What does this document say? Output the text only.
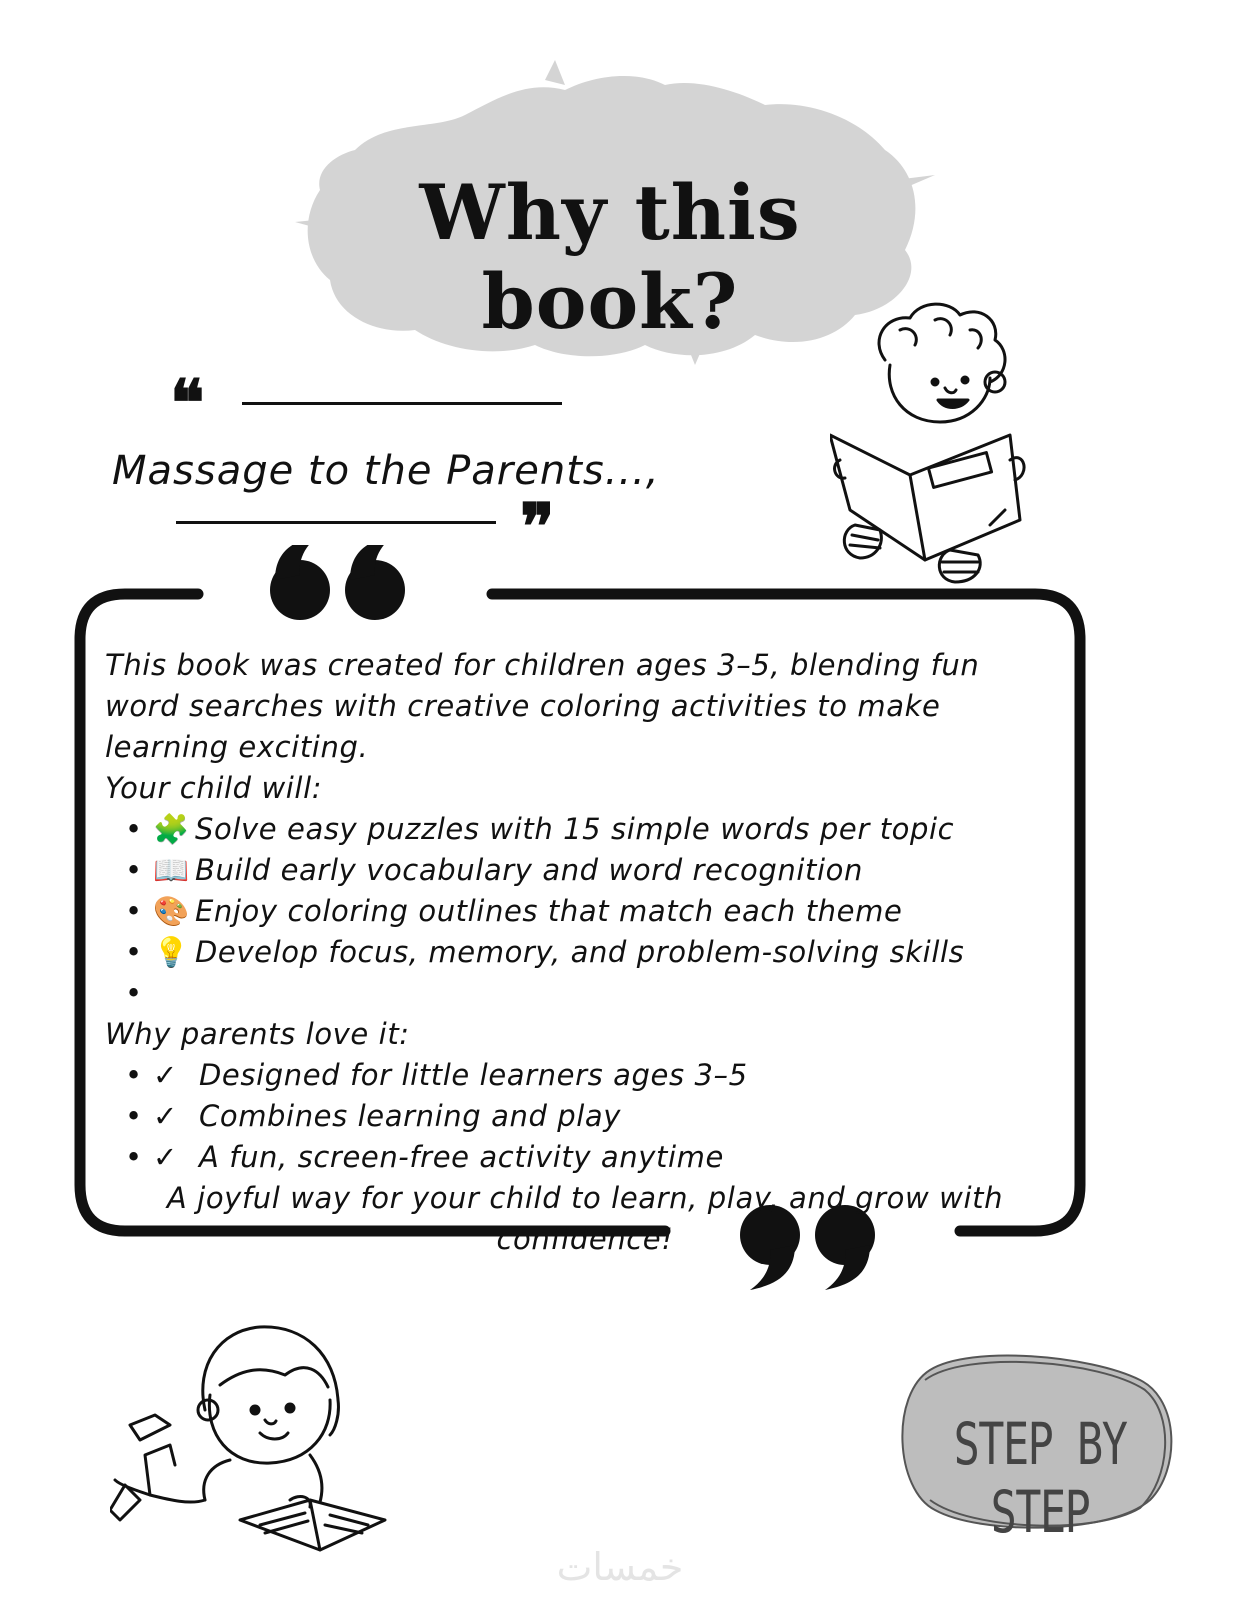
Why this book?
❝
Massage to the Parents...,
❞

This book was created for children ages 3–5, blending fun word searches with creative coloring activities to make learning exciting.

Your child will:

• 🧩 Solve easy puzzles with 15 simple words per topic
• 📖 Build early vocabulary and word recognition
• 🎨 Enjoy coloring outlines that match each theme
• 💡 Develop focus, memory, and problem-solving skills
•

Why parents love it:

• ✓ Designed for little learners ages 3–5
• ✓ Combines learning and play
• ✓ A fun, screen-free activity anytime

A joyful way for your child to learn, play, and grow with confidence!

STEP BY STEP
خمسات
